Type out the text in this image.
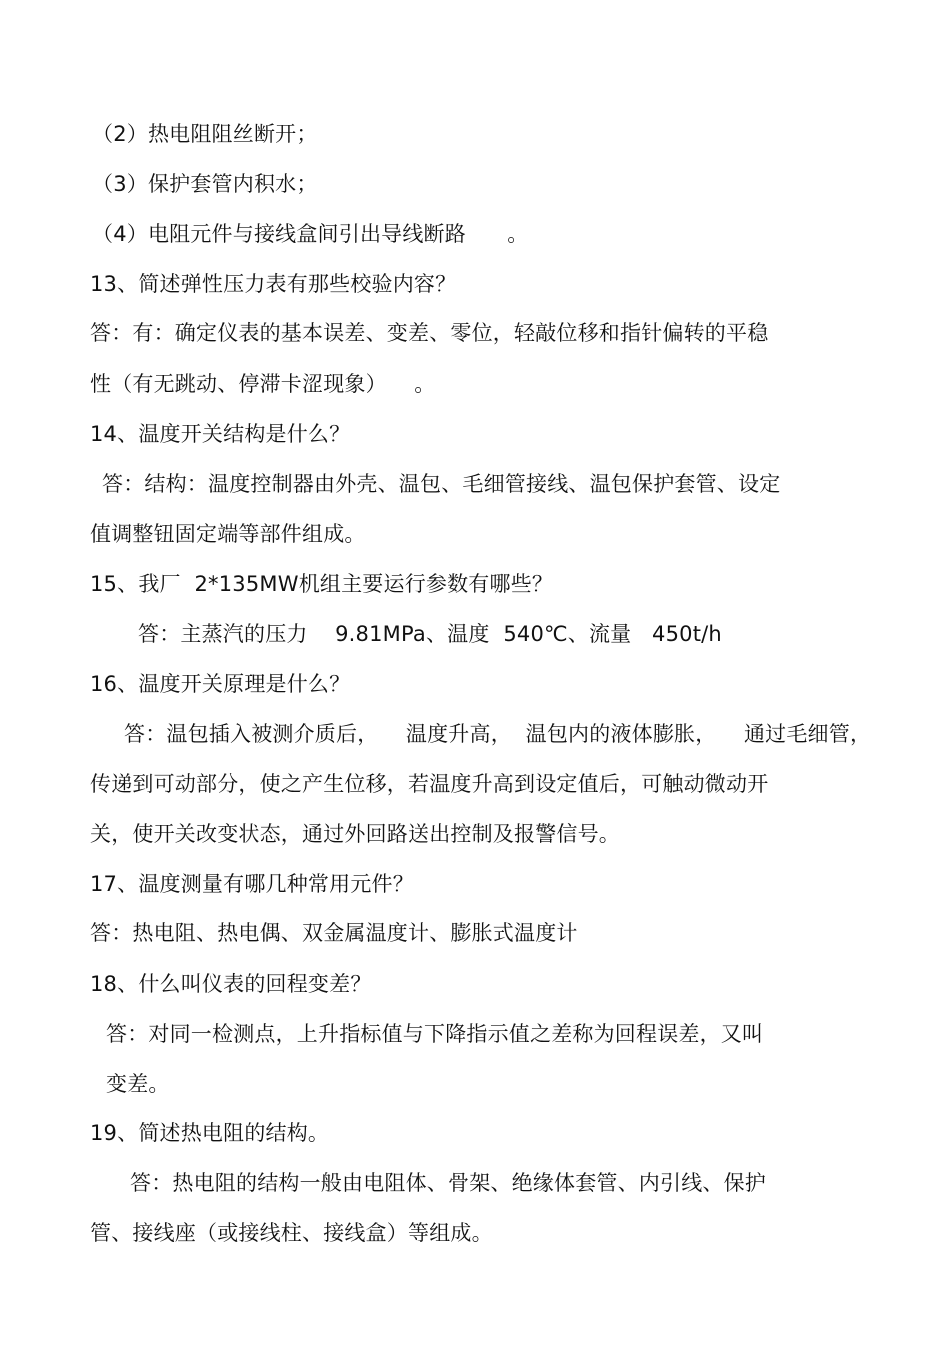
（2）热电阻阻丝断开；
（3）保护套管内积水；
（4）电阻元件与接线盒间引出导线断路      。
13、简述弹性压力表有那些校验内容？
答：有：确定仪表的基本误差、变差、零位，轻敲位移和指针偏转的平稳
性（有无跳动、停滞卡涩现象）    。
14、温度开关结构是什么？
答：结构：温度控制器由外壳、温包、毛细管接线、温包保护套管、设定
值调整钮固定端等部件组成。
15、我厂  2*135MW机组主要运行参数有哪些？
答：主蒸汽的压力    9.81MPa、温度  540℃、流量   450t/h
16、温度开关原理是什么？
答：温包插入被测介质后，    温度升高，  温包内的液体膨胀，    通过毛细管，
传递到可动部分，使之产生位移，若温度升高到设定值后，可触动微动开
关，使开关改变状态，通过外回路送出控制及报警信号。
17、温度测量有哪几种常用元件？
答：热电阻、热电偶、双金属温度计、膨胀式温度计
18、什么叫仪表的回程变差？
答：对同一检测点，上升指标值与下降指示值之差称为回程误差，又叫
变差。
19、简述热电阻的结构。
答：热电阻的结构一般由电阻体、骨架、绝缘体套管、内引线、保护
管、接线座（或接线柱、接线盒）等组成。
